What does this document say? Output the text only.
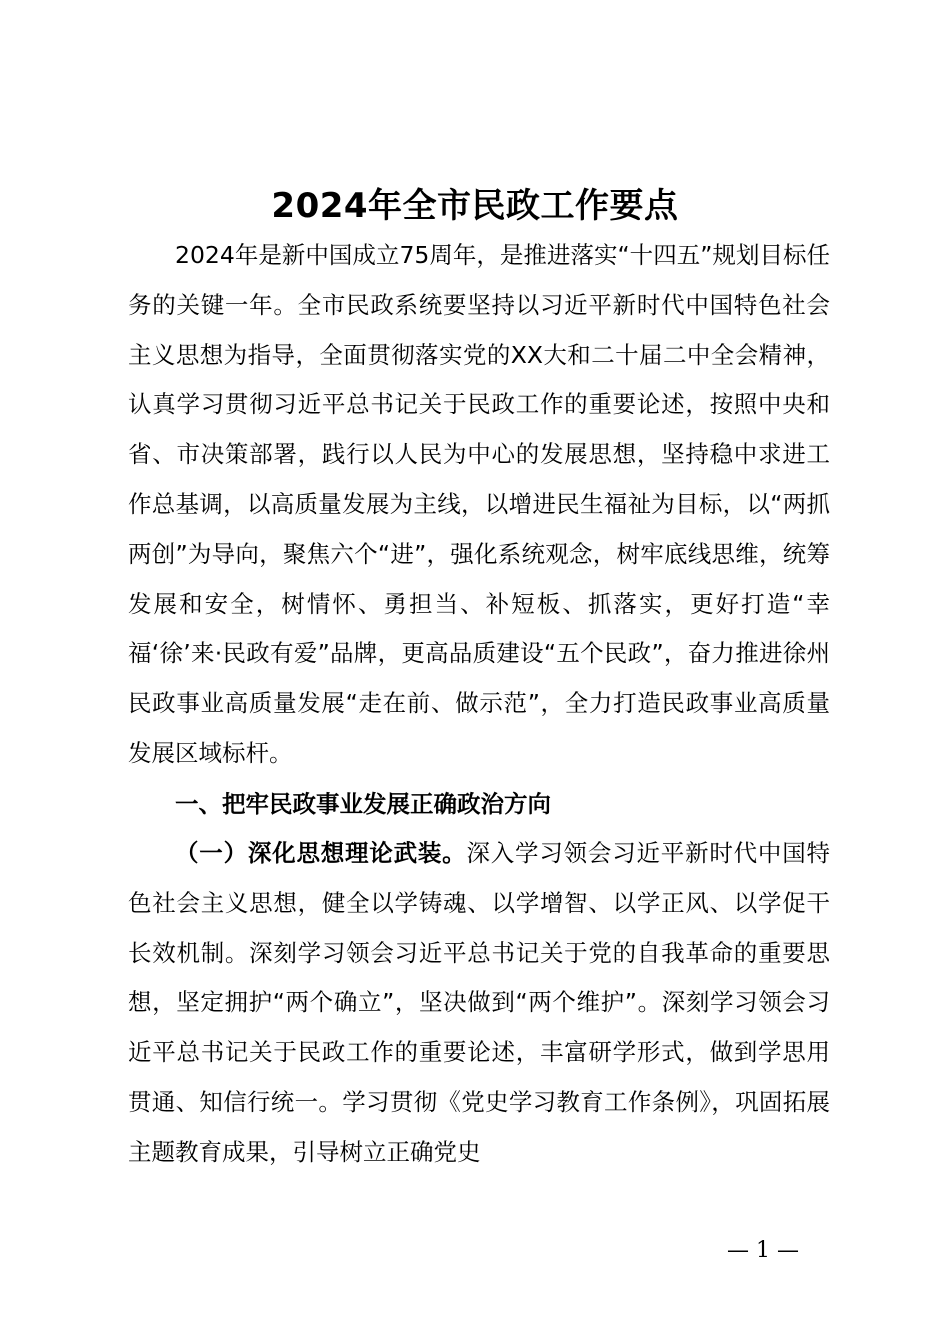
2024年全市民政工作要点

2024年是新中国成立75周年，是推进落实“十四五”规划目标任务的关键一年。全市民政系统要坚持以习近平新时代中国特色社会主义思想为指导，全面贯彻落实党的XX大和二十届二中全会精神，认真学习贯彻习近平总书记关于民政工作的重要论述，按照中央和省、市决策部署，践行以人民为中心的发展思想，坚持稳中求进工作总基调，以高质量发展为主线，以增进民生福祉为目标，以“两抓两创”为导向，聚焦六个“进”，强化系统观念，树牢底线思维，统筹发展和安全，树情怀、勇担当、补短板、抓落实，更好打造“幸福‘徐’来·民政有爱”品牌，更高品质建设“五个民政”，奋力推进徐州民政事业高质量发展“走在前、做示范”，全力打造民政事业高质量发展区域标杆。

一、把牢民政事业发展正确政治方向

（一）深化思想理论武装。深入学习领会习近平新时代中国特色社会主义思想，健全以学铸魂、以学增智、以学正风、以学促干长效机制。深刻学习领会习近平总书记关于党的自我革命的重要思想，坚定拥护“两个确立”，坚决做到“两个维护”。深刻学习领会习近平总书记关于民政工作的重要论述，丰富研学形式，做到学思用贯通、知信行统一。学习贯彻《党史学习教育工作条例》，巩固拓展主题教育成果，引导树立正确党史

— 1 —
